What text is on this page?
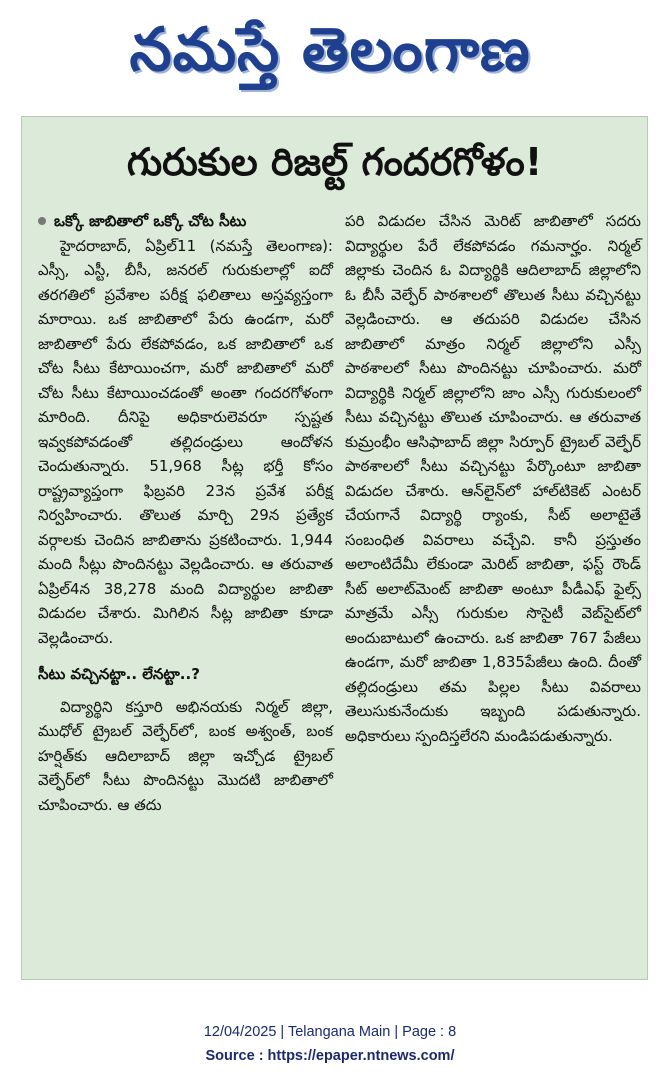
నమస్తే తెలంగాణ
గురుకుల రిజల్ట్ గందరగోళం!
ఒక్కో జాబితాలో ఒక్కో చోట సీటు

హైదరాబాద్, ఏప్రిల్11 (నమస్తే తెలంగాణ): ఎస్సీ, ఎస్టీ, బీసీ, జనరల్ గురుకులాల్లో ఐదో తరగతిలో ప్రవేశాల పరీక్ష ఫలితాలు అస్తవ్యస్తంగా మారాయి. ఒక జాబితాలో పేరు ఉండగా, మరో జాబితాలో పేరు లేకపోవడం, ఒక జాబితాలో ఒక చోట సీటు కేటాయించగా, మరో జాబితాలో మరో చోట సీటు కేటాయించడంతో అంతా గందరగోళంగా మారింది. దీనిపై అధికారులెవరూ స్పష్టత ఇవ్వకపోవడంతో తల్లిదండ్రులు ఆందోళన చెందుతున్నారు. 51,968 సీట్ల భర్తీ కోసం రాష్ట్రవ్యాప్తంగా ఫిబ్రవరి 23న ప్రవేశ పరీక్ష నిర్వహించారు. తొలుత మార్చి 29న ప్రత్యేక వర్గాలకు చెందిన జాబితాను ప్రకటించారు. 1,944 మంది సీట్లు పొందినట్టు వెల్లడించారు. ఆ తరువాత ఏప్రిల్4న 38,278 మంది విద్యార్థుల జాబితా విడుదల చేశారు. మిగిలిన సీట్ల జాబితా కూడా వెల్లడించారు.

సీటు వచ్చినట్టా.. లేనట్టా..?

విద్యార్థిని కస్తూరి అభినయకు నిర్మల్ జిల్లా, ముధోల్ ట్రైబల్ వెల్ఫేర్‌లో, బంక అశ్వంత్, బంక హర్షిత్‌కు ఆదిలాబాద్ జిల్లా ఇచ్చోడ ట్రైబల్ వెల్ఫేర్‌లో సీటు పొందినట్టు మొదటి జాబితాలో చూపించారు. ఆ తదు

పరి విడుదల చేసిన మెరిట్ జాబితాలో సదరు విద్యార్థుల పేరే లేకపోవడం గమనార్హం. నిర్మల్ జిల్లాకు చెందిన ఓ విద్యార్థికి ఆదిలాబాద్ జిల్లాలోని ఓ బీసీ వెల్ఫేర్ పాఠశాలలో తొలుత సీటు వచ్చినట్టు వెల్లడించారు. ఆ తదుపరి విడుదల చేసిన జాబితాలో మాత్రం నిర్మల్ జిల్లాలోని ఎస్సీ పాఠశాలలో సీటు పొందినట్టు చూపించారు. మరో విద్యార్థికి నిర్మల్ జిల్లాలోని జాం ఎస్సీ గురుకులంలో సీటు వచ్చినట్టు తొలుత చూపించారు. ఆ తరువాత కుమ్రంభీం ఆసిఫాబాద్ జిల్లా సిర్పూర్ ట్రైబల్ వెల్ఫేర్ పాఠశాలలో సీటు వచ్చినట్టు పేర్కొంటూ జాబితా విడుదల చేశారు. ఆన్‌లైన్‌లో హాల్‌టికెట్ ఎంటర్ చేయగానే విద్యార్థి ర్యాంకు, సీట్ అలాటైతే సంబంధిత వివరాలు వచ్చేవి. కానీ ప్రస్తుతం అలాంటిదేమీ లేకుండా మెరిట్ జాబితా, ఫస్ట్ రౌండ్ సీట్ అలాట్‌మెంట్ జాబితా అంటూ పీడీఎఫ్ ఫైల్స్ మాత్రమే ఎస్సీ గురుకుల సొసైటీ వెబ్‌సైట్‌లో అందుబాటులో ఉంచారు. ఒక జాబితా 767 పేజీలు ఉండగా, మరో జాబితా 1,835పేజీలు ఉంది. దీంతో తల్లిదండ్రులు తమ పిల్లల సీటు వివరాలు తెలుసుకునేందుకు ఇబ్బంది పడుతున్నారు. అధికారులు స్పందిస్తలేరని మండిపడుతున్నారు.

12/04/2025 | Telangana Main | Page : 8
Source : https://epaper.ntnews.com/
